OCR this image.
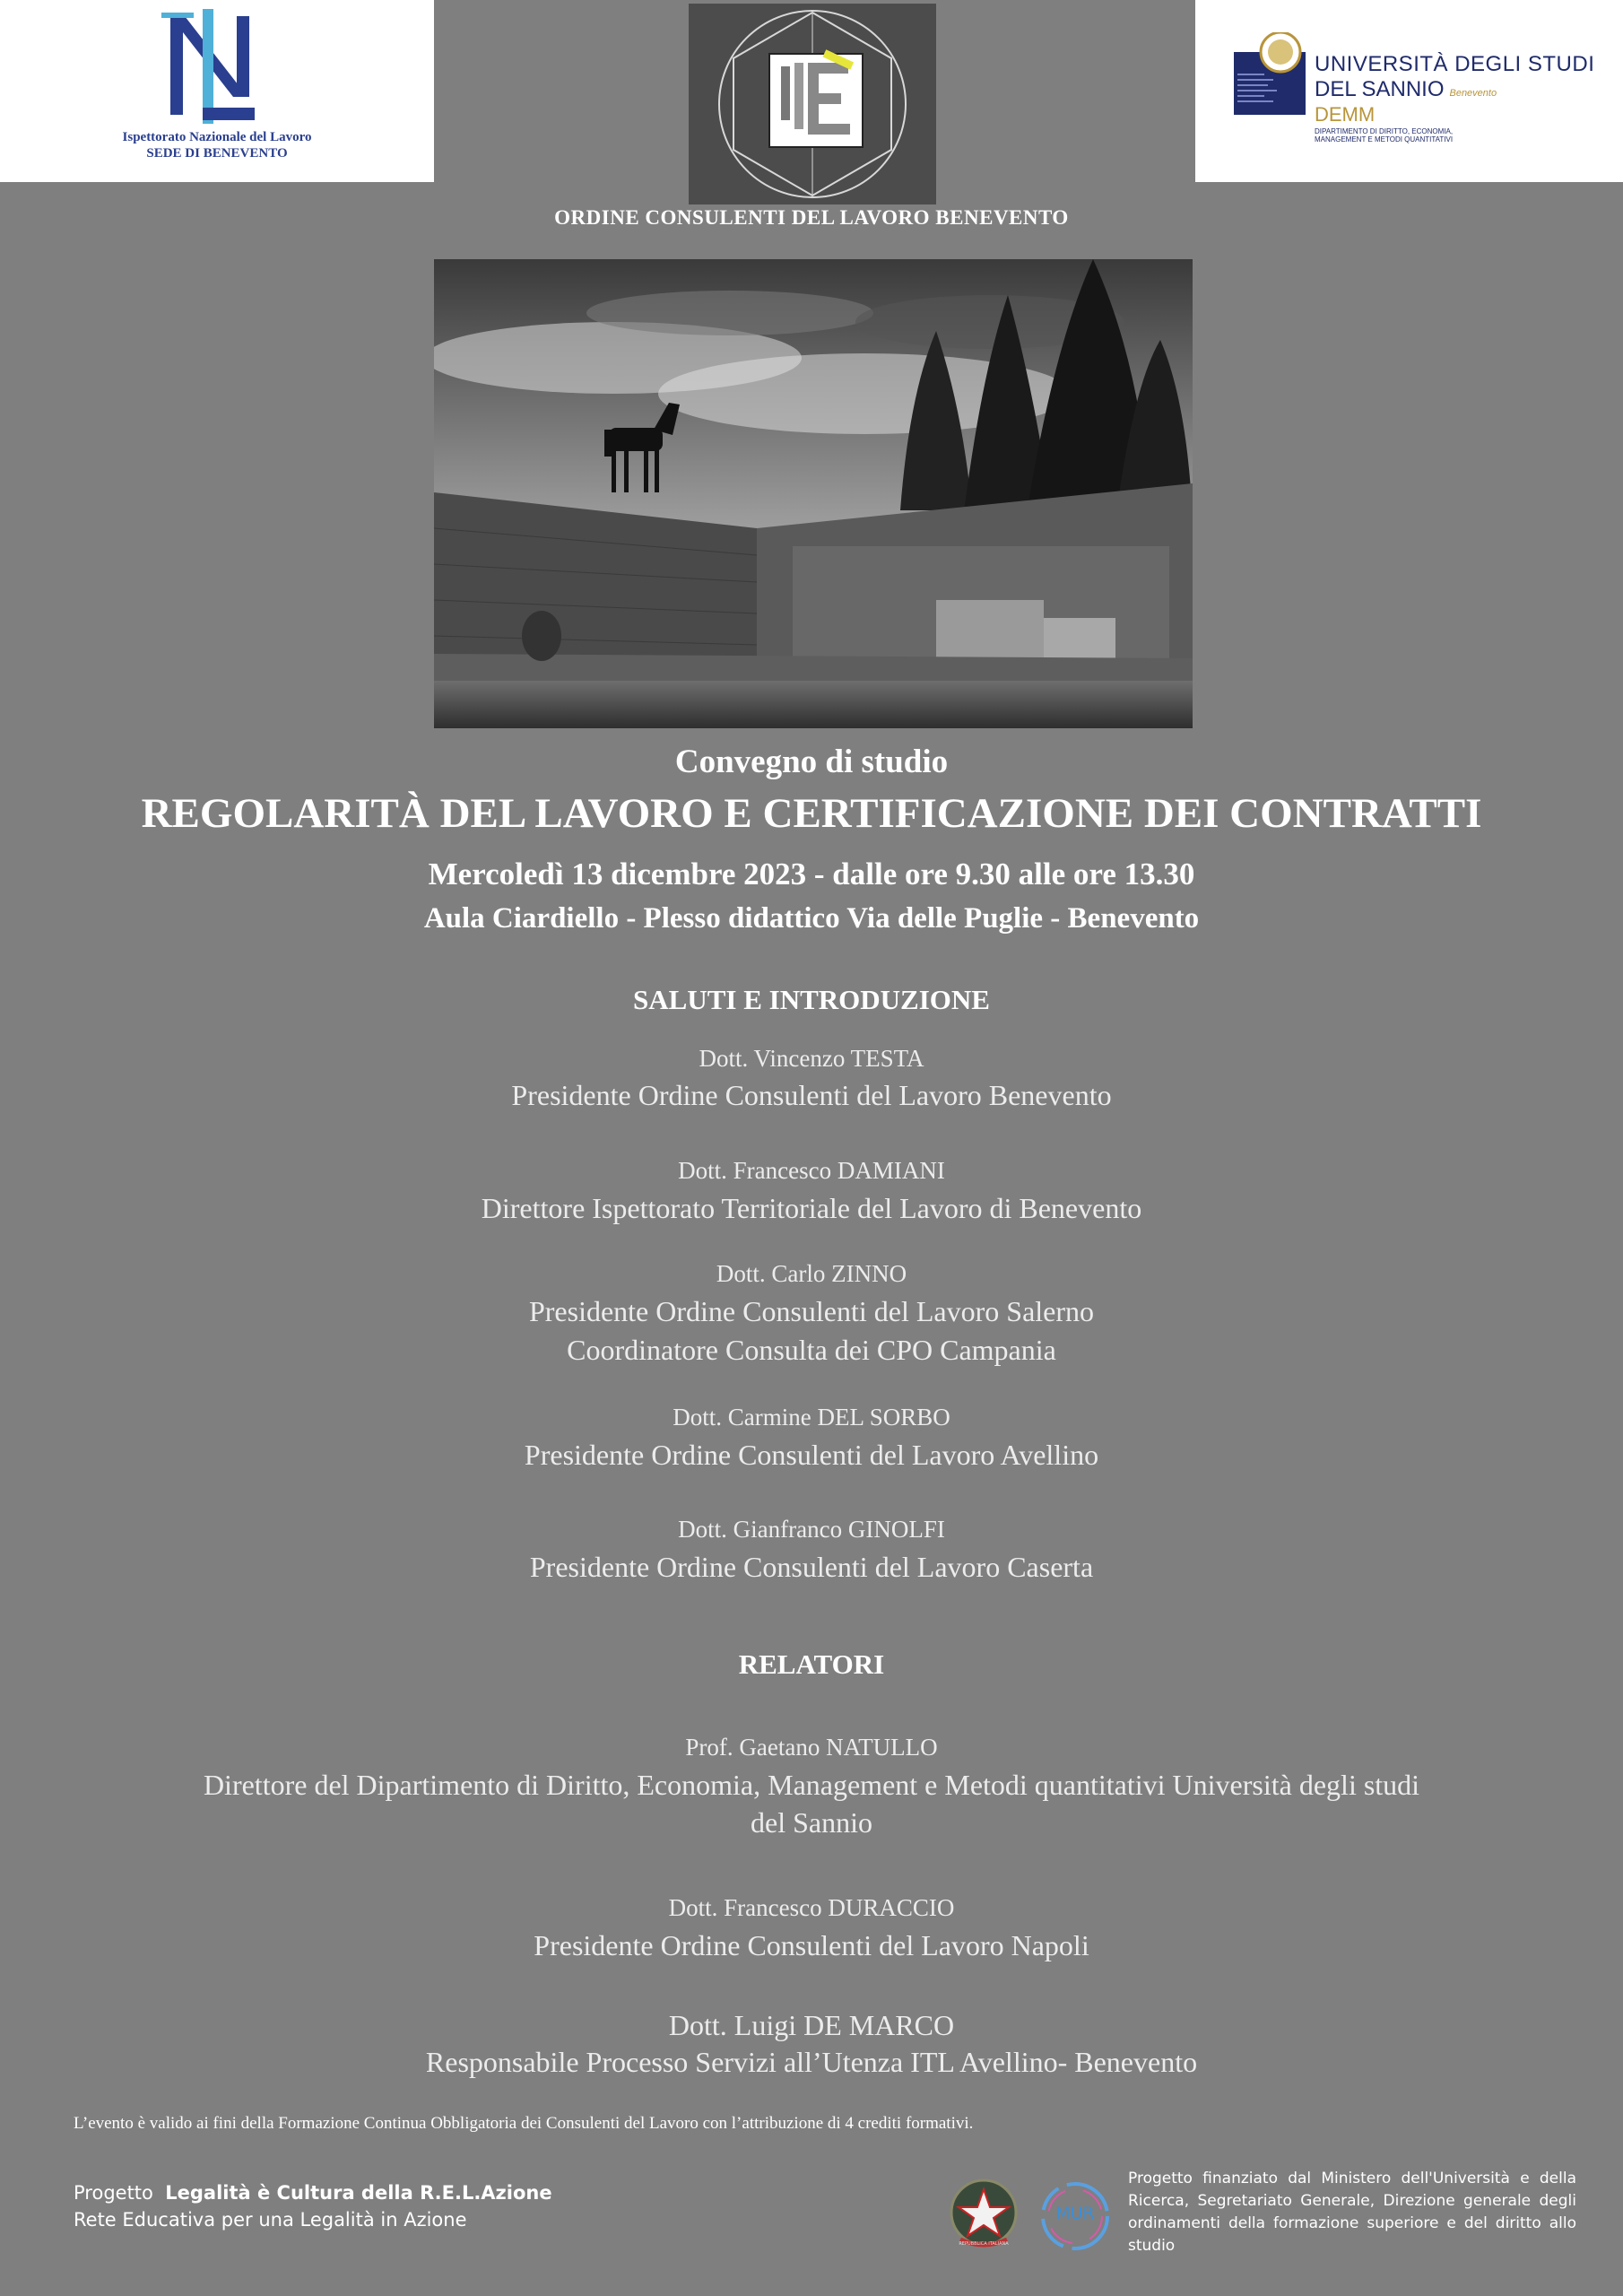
Ispettorato Nazionale del Lavoro
SEDE DI BENEVENTO
UNIVERSITÀ DEGLI STUDI
DEL SANNIO Benevento
DEMM
DIPARTIMENTO DI DIRITTO, ECONOMIA, MANAGEMENT E METODI QUANTITATIVI
ORDINE CONSULENTI DEL LAVORO BENEVENTO
Convegno di studio
REGOLARITÀ DEL LAVORO E CERTIFICAZIONE DEI CONTRATTI
Mercoledì 13 dicembre 2023 - dalle ore 9.30 alle ore 13.30
Aula Ciardiello - Plesso didattico Via delle Puglie - Benevento
SALUTI E INTRODUZIONE
Dott. Vincenzo TESTA
Presidente Ordine Consulenti del Lavoro Benevento
Dott. Francesco DAMIANI
Direttore Ispettorato Territoriale del Lavoro di Benevento
Dott. Carlo ZINNO
Presidente Ordine Consulenti del Lavoro Salerno
Coordinatore Consulta dei CPO Campania
Dott. Carmine DEL SORBO
Presidente Ordine Consulenti del Lavoro Avellino
Dott. Gianfranco GINOLFI
Presidente Ordine Consulenti del Lavoro Caserta
RELATORI
Prof. Gaetano NATULLO
Direttore del Dipartimento di Diritto, Economia, Management e Metodi quantitativi Università degli studi
del Sannio
Dott. Francesco DURACCIO
Presidente Ordine Consulenti del Lavoro Napoli
Dott. Luigi DE MARCO
Responsabile Processo Servizi all’Utenza ITL Avellino- Benevento
L’evento è valido ai fini della Formazione Continua Obbligatoria dei Consulenti del Lavoro con l’attribuzione di 4 crediti formativi.
Progetto Legalità è Cultura della R.E.L.Azione
Rete Educativa per una Legalità in Azione
REPUBBLICA ITALIANA
MUR
Progetto finanziato dal Ministero dell'Università e della Ricerca, Segretariato Generale, Direzione generale degli ordinamenti della formazione superiore e del diritto allo studio
